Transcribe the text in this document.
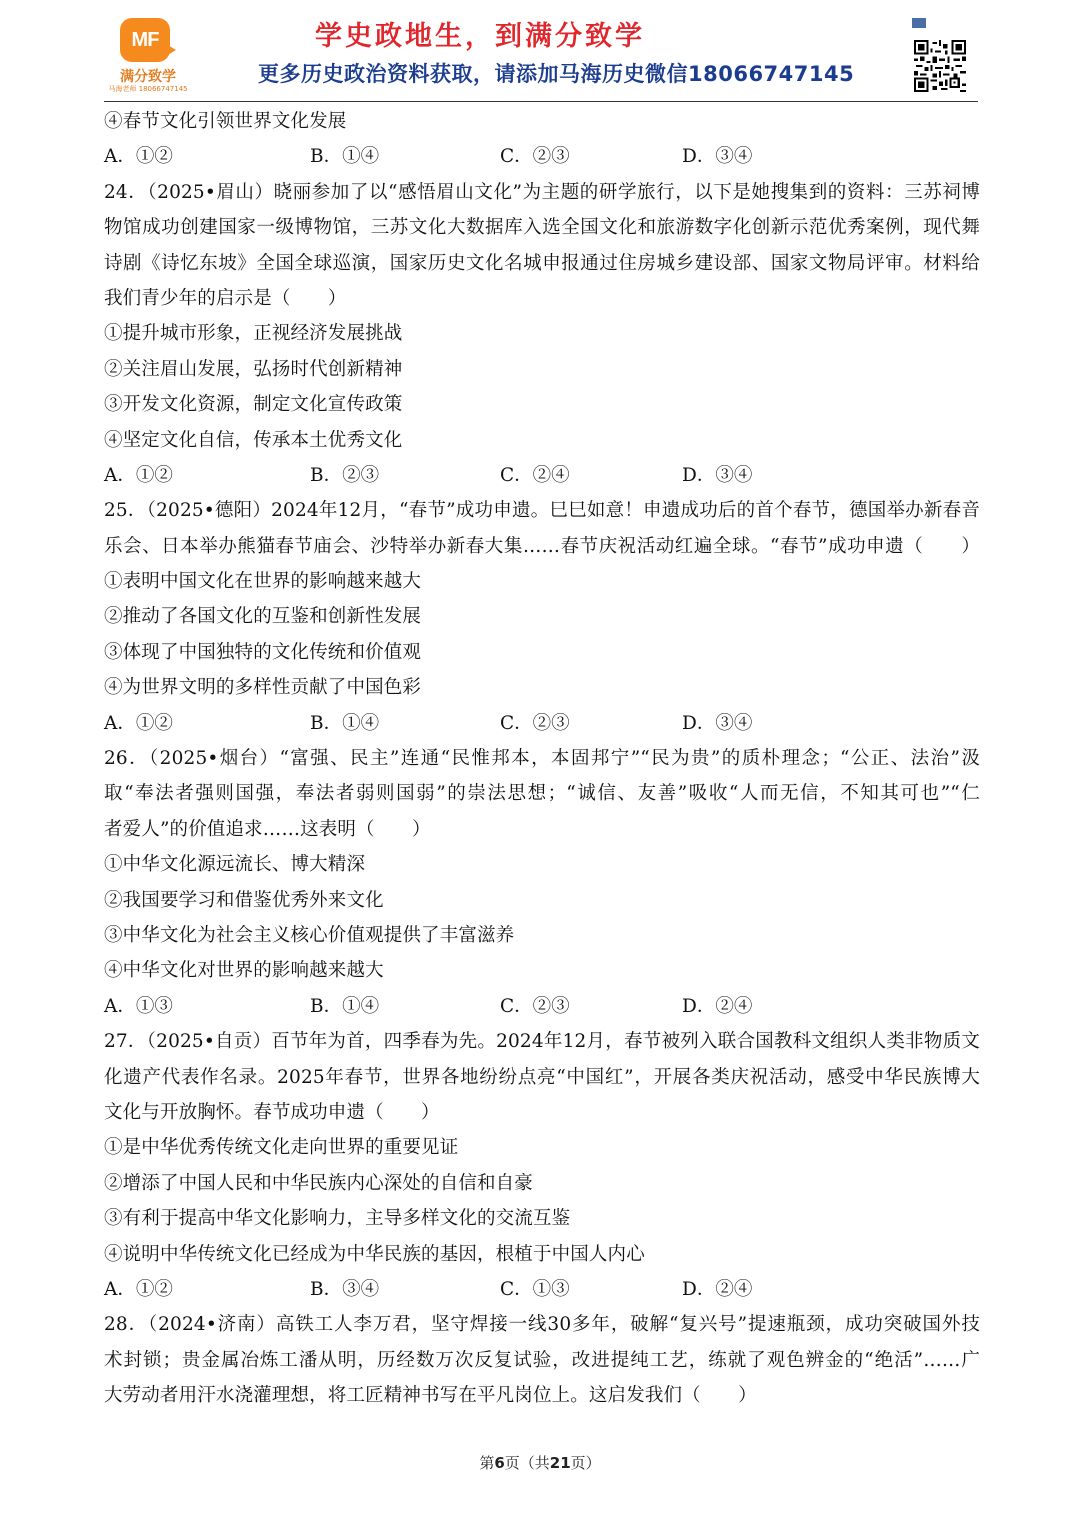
MF
满分致学
马海老师 18066747145
学史政地生，到满分致学
更多历史政治资料获取，请添加马海历史微信18066747145
④春节文化引领世界文化发展
A．①②	B．①④	C．②③	D．③④
24．（2025•眉山）晓丽参加了以“感悟眉山文化”为主题的研学旅行，以下是她搜集到的资料：三苏祠博
物馆成功创建国家一级博物馆，三苏文化大数据库入选全国文化和旅游数字化创新示范优秀案例，现代舞
诗剧《诗忆东坡》全国全球巡演，国家历史文化名城申报通过住房城乡建设部、国家文物局评审。材料给
我们青少年的启示是（　　）
①提升城市形象，正视经济发展挑战
②关注眉山发展，弘扬时代创新精神
③开发文化资源，制定文化宣传政策
④坚定文化自信，传承本土优秀文化
A．①②	B．②③	C．②④	D．③④
25．（2025•德阳）2024年12月，“春节”成功申遗。巳巳如意！申遗成功后的首个春节，德国举办新春音
乐会、日本举办熊猫春节庙会、沙特举办新春大集……春节庆祝活动红遍全球。“春节”成功申遗（　　）
①表明中国文化在世界的影响越来越大
②推动了各国文化的互鉴和创新性发展
③体现了中国独特的文化传统和价值观
④为世界文明的多样性贡献了中国色彩
A．①②	B．①④	C．②③	D．③④
26．（2025•烟台）“富强、民主”连通“民惟邦本，本固邦宁”“民为贵”的质朴理念；“公正、法治”汲
取“奉法者强则国强，奉法者弱则国弱”的崇法思想；“诚信、友善”吸收“人而无信，不知其可也”“仁
者爱人”的价值追求……这表明（　　）
①中华文化源远流长、博大精深
②我国要学习和借鉴优秀外来文化
③中华文化为社会主义核心价值观提供了丰富滋养
④中华文化对世界的影响越来越大
A．①③	B．①④	C．②③	D．②④
27．（2025•自贡）百节年为首，四季春为先。2024年12月，春节被列入联合国教科文组织人类非物质文
化遗产代表作名录。2025年春节，世界各地纷纷点亮“中国红”，开展各类庆祝活动，感受中华民族博大
文化与开放胸怀。春节成功申遗（　　）
①是中华优秀传统文化走向世界的重要见证
②增添了中国人民和中华民族内心深处的自信和自豪
③有利于提高中华文化影响力，主导多样文化的交流互鉴
④说明中华传统文化已经成为中华民族的基因，根植于中国人内心
A．①②	B．③④	C．①③	D．②④
28．（2024•济南）高铁工人李万君，坚守焊接一线30多年，破解“复兴号”提速瓶颈，成功突破国外技
术封锁；贵金属冶炼工潘从明，历经数万次反复试验，改进提纯工艺，练就了观色辨金的“绝活”……广
大劳动者用汗水浇灌理想，将工匠精神书写在平凡岗位上。这启发我们（　　）
第6页（共21页）
